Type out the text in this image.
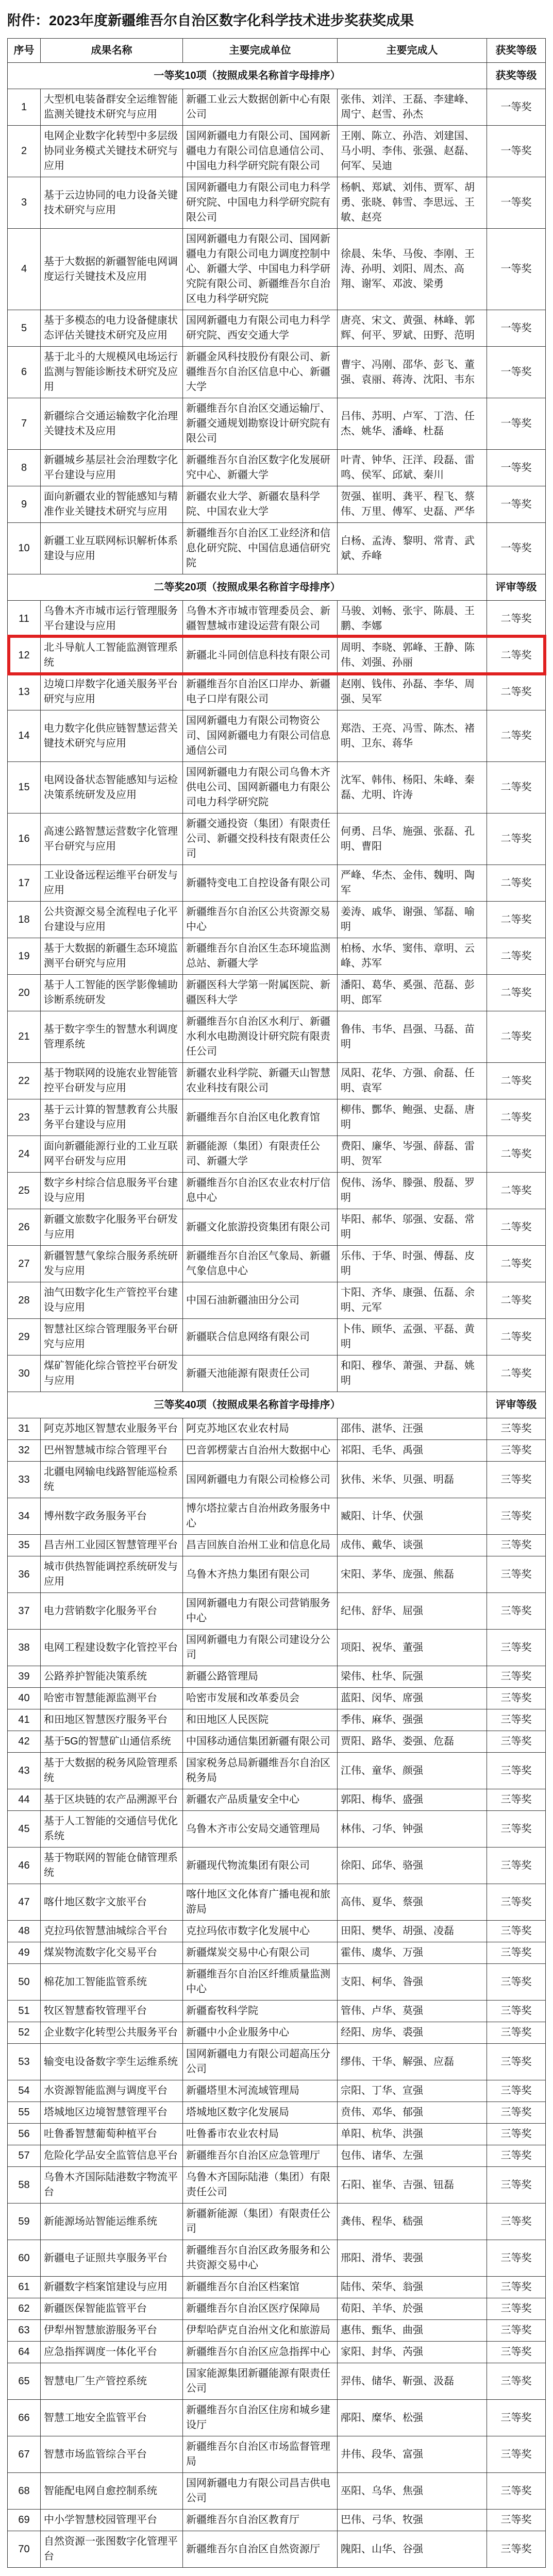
附件：2023年度新疆维吾尔自治区数字化科学技术进步奖获奖成果
序号	成果名称	主要完成单位	主要完成人	获奖等级
一等奖10项（按照成果名称首字母排序）				获奖等级
1	大型机电装备群安全运维智能监测关键技术研究与应用	新疆工业云大数据创新中心有限公司	张伟、刘洋、王磊、李建峰、周宁、赵雪、孙杰	一等奖
2	电网企业数字化转型中多层级协同业务模式关键技术研究与应用	国网新疆电力有限公司、国网新疆电力有限公司信息通信公司、中国电力科学研究院有限公司	王刚、陈立、孙浩、刘建国、马小明、李伟、张强、赵磊、何军、吴迪	一等奖
3	基于云边协同的电力设备关键技术研究与应用	国网新疆电力有限公司电力科学研究院、中国电力科学研究院有限公司	杨帆、郑斌、刘伟、贾军、胡勇、张晓、韩雪、李思远、王敏、赵亮	一等奖
4	基于大数据的新疆智能电网调度运行关键技术及应用	国网新疆电力有限公司、国网新疆电力有限公司电力调度控制中心、新疆大学、中国电力科学研究院有限公司、新疆维吾尔自治区电力科学研究院	徐晨、朱华、马俊、李刚、王涛、孙明、刘阳、周杰、高翔、谢军、邓波、梁勇	一等奖
5	基于多模态的电力设备健康状态评估关键技术研究及应用	国网新疆电力有限公司电力科学研究院、西安交通大学	唐亮、宋文、黄强、林峰、郭辉、何平、罗斌、田野、范明	一等奖
6	基于北斗的大规模风电场运行监测与智能诊断技术研究及应用	新疆金风科技股份有限公司、新疆维吾尔自治区信息中心、新疆大学	曹宇、冯刚、邵华、彭飞、董强、袁丽、蒋涛、沈阳、韦东	一等奖
7	新疆综合交通运输数字化治理关键技术及应用	新疆维吾尔自治区交通运输厅、新疆交通规划勘察设计研究院有限公司	吕伟、苏明、卢军、丁浩、任杰、姚华、潘峰、杜磊	一等奖
8	新疆城乡基层社会治理数字化平台建设与应用	新疆维吾尔自治区数字化发展研究中心、新疆大学	叶青、钟华、汪洋、段磊、雷鸣、侯军、邱斌、秦川	一等奖
9	面向新疆农业的智能感知与精准作业关键技术研究与应用	新疆农业大学、新疆农垦科学院、中国农业大学	贺强、崔明、龚平、程飞、蔡伟、万里、傅军、史磊、严华	一等奖
10	新疆工业互联网标识解析体系建设与应用	新疆维吾尔自治区工业经济和信息化研究院、中国信息通信研究院	白杨、孟涛、黎明、常青、武斌、乔峰	一等奖
二等奖20项（按照成果名称首字母排序）				评审等级
11	乌鲁木齐市城市运行管理服务平台建设与应用	乌鲁木齐市城市管理委员会、新疆智慧城市建设运营有限公司	马骏、刘畅、张宇、陈晨、王鹏、李娜	二等奖
12	北斗导航人工智能监测管理系统	新疆北斗同创信息科技有限公司	周明、李晓、郭峰、王静、陈伟、刘强、孙丽	二等奖
13	边境口岸数字化通关服务平台研究与应用	新疆维吾尔自治区口岸办、新疆电子口岸有限公司	赵刚、钱伟、孙磊、李华、周强、吴军	二等奖
14	电力数字化供应链智慧运营关键技术研究与应用	国网新疆电力有限公司物资公司、国网新疆电力有限公司信息通信公司	郑浩、王亮、冯雪、陈杰、褚明、卫东、蒋华	二等奖
15	电网设备状态智能感知与运检决策系统研发及应用	国网新疆电力有限公司乌鲁木齐供电公司、国网新疆电力有限公司电力科学研究院	沈军、韩伟、杨阳、朱峰、秦磊、尤明、许涛	二等奖
16	高速公路智慧运营数字化管理平台研究与应用	新疆交通投资（集团）有限责任公司、新疆交投科技有限责任公司	何勇、吕华、施强、张磊、孔明、曹阳	二等奖
17	工业设备远程运维平台研发与应用	新疆特变电工自控设备有限公司	严峰、华杰、金伟、魏明、陶军	二等奖
18	公共资源交易全流程电子化平台建设与应用	新疆维吾尔自治区公共资源交易中心	姜涛、戚华、谢强、邹磊、喻明	二等奖
19	基于大数据的新疆生态环境监测平台研究与应用	新疆维吾尔自治区生态环境监测总站、新疆大学	柏杨、水华、窦伟、章明、云峰、苏军	二等奖
20	基于人工智能的医学影像辅助诊断系统研发	新疆医科大学第一附属医院、新疆医科大学	潘阳、葛华、奚强、范磊、彭明、郎军	二等奖
21	基于数字孪生的智慧水利调度管理系统	新疆维吾尔自治区水利厅、新疆水利水电勘测设计研究院有限责任公司	鲁伟、韦华、昌强、马磊、苗明	二等奖
22	基于物联网的设施农业智能管控平台研发与应用	新疆农业科学院、新疆天山智慧农业科技有限公司	凤阳、花华、方强、俞磊、任明、袁军	二等奖
23	基于云计算的智慧教育公共服务平台建设与应用	新疆维吾尔自治区电化教育馆	柳伟、酆华、鲍强、史磊、唐明	二等奖
24	面向新疆能源行业的工业互联网平台研发与应用	新疆能源（集团）有限责任公司、新疆大学	费阳、廉华、岑强、薛磊、雷明、贺军	二等奖
25	数字乡村综合信息服务平台建设与应用	新疆维吾尔自治区农业农村厅信息中心	倪伟、汤华、滕强、殷磊、罗明	二等奖
26	新疆文旅数字化服务平台研发与应用	新疆文化旅游投资集团有限公司	毕阳、郝华、邬强、安磊、常明	二等奖
27	新疆智慧气象综合服务系统研发与应用	新疆维吾尔自治区气象局、新疆气象信息中心	乐伟、于华、时强、傅磊、皮明	二等奖
28	油气田数字化生产管控平台建设与应用	中国石油新疆油田分公司	卞阳、齐华、康强、伍磊、余明、元军	二等奖
29	智慧社区综合管理服务平台研究与应用	新疆联合信息网络有限公司	卜伟、顾华、孟强、平磊、黄明	二等奖
30	煤矿智能化综合管控平台研发与应用	新疆天池能源有限责任公司	和阳、穆华、萧强、尹磊、姚明	二等奖
三等奖40项（按照成果名称首字母排序）				评审等级
31	阿克苏地区智慧农业服务平台	阿克苏地区农业农村局	邵伟、湛华、汪强	三等奖
32	巴州智慧城市综合管理平台	巴音郭楞蒙古自治州大数据中心	祁阳、毛华、禹强	三等奖
33	北疆电网输电线路智能巡检系统	国网新疆电力有限公司检修公司	狄伟、米华、贝强、明磊	三等奖
34	博州数字政务服务平台	博尔塔拉蒙古自治州政务服务中心	臧阳、计华、伏强	三等奖
35	昌吉州工业园区智慧管理平台	昌吉回族自治州工业和信息化局	成伟、戴华、谈强	三等奖
36	城市供热智能调控系统研发与应用	乌鲁木齐热力集团有限公司	宋阳、茅华、庞强、熊磊	三等奖
37	电力营销数字化服务平台	国网新疆电力有限公司营销服务中心	纪伟、舒华、屈强	三等奖
38	电网工程建设数字化管控平台	国网新疆电力有限公司建设分公司	项阳、祝华、董强	三等奖
39	公路养护智能决策系统	新疆公路管理局	梁伟、杜华、阮强	三等奖
40	哈密市智慧能源监测平台	哈密市发展和改革委员会	蓝阳、闵华、席强	三等奖
41	和田地区智慧医疗服务平台	和田地区人民医院	季伟、麻华、强强	三等奖
42	基于5G的智慧矿山通信系统	中国移动通信集团新疆有限公司	贾阳、路华、娄强、危磊	三等奖
43	基于大数据的税务风险管理系统	国家税务总局新疆维吾尔自治区税务局	江伟、童华、颜强	三等奖
44	基于区块链的农产品溯源平台	新疆农产品质量安全中心	郭阳、梅华、盛强	三等奖
45	基于人工智能的交通信号优化系统	乌鲁木齐市公安局交通管理局	林伟、刁华、钟强	三等奖
46	基于物联网的智能仓储管理系统	新疆现代物流集团有限公司	徐阳、邱华、骆强	三等奖
47	喀什地区数字文旅平台	喀什地区文化体育广播电视和旅游局	高伟、夏华、蔡强	三等奖
48	克拉玛依智慧油城综合平台	克拉玛依市数字化发展中心	田阳、樊华、胡强、凌磊	三等奖
49	煤炭物流数字化交易平台	新疆煤炭交易中心有限公司	霍伟、虞华、万强	三等奖
50	棉花加工智能监管系统	新疆维吾尔自治区纤维质量监测中心	支阳、柯华、昝强	三等奖
51	牧区智慧畜牧管理平台	新疆畜牧科学院	管伟、卢华、莫强	三等奖
52	企业数字化转型公共服务平台	新疆中小企业服务中心	经阳、房华、裘强	三等奖
53	输变电设备数字孪生运维系统	国网新疆电力有限公司超高压分公司	缪伟、干华、解强、应磊	三等奖
54	水资源智能监测与调度平台	新疆塔里木河流域管理局	宗阳、丁华、宣强	三等奖
55	塔城地区边境智慧管理平台	塔城地区数字化发展局	贲伟、邓华、郁强	三等奖
56	吐鲁番智慧葡萄种植平台	吐鲁番市农业农村局	单阳、杭华、洪强	三等奖
57	危险化学品安全监管信息平台	新疆维吾尔自治区应急管理厅	包伟、诸华、左强	三等奖
58	乌鲁木齐国际陆港数字物流平台	乌鲁木齐国际陆港（集团）有限责任公司	石阳、崔华、吉强、钮磊	三等奖
59	新能源场站智能运维系统	新疆新能源（集团）有限责任公司	龚伟、程华、嵇强	三等奖
60	新疆电子证照共享服务平台	新疆维吾尔自治区政务服务和公共资源交易中心	邢阳、滑华、裴强	三等奖
61	新疆数字档案馆建设与应用	新疆维吾尔自治区档案馆	陆伟、荣华、翁强	三等奖
62	新疆医保智能监管平台	新疆维吾尔自治区医疗保障局	荀阳、羊华、於强	三等奖
63	伊犁州智慧旅游服务平台	伊犁哈萨克自治州文化和旅游局	惠伟、甄华、曲强	三等奖
64	应急指挥调度一体化平台	新疆维吾尔自治区应急指挥中心	家阳、封华、芮强	三等奖
65	智慧电厂生产管控系统	国家能源集团新疆能源有限责任公司	羿伟、储华、靳强、汲磊	三等奖
66	智慧工地安全监管平台	新疆维吾尔自治区住房和城乡建设厅	邴阳、糜华、松强	三等奖
67	智慧市场监管综合平台	新疆维吾尔自治区市场监督管理局	井伟、段华、富强	三等奖
68	智能配电网自愈控制系统	国网新疆电力有限公司昌吉供电公司	巫阳、乌华、焦强	三等奖
69	中小学智慧校园管理平台	新疆维吾尔自治区教育厅	巴伟、弓华、牧强	三等奖
70	自然资源一张图数字化管理平台	新疆维吾尔自治区自然资源厅	隗阳、山华、谷强	三等奖
